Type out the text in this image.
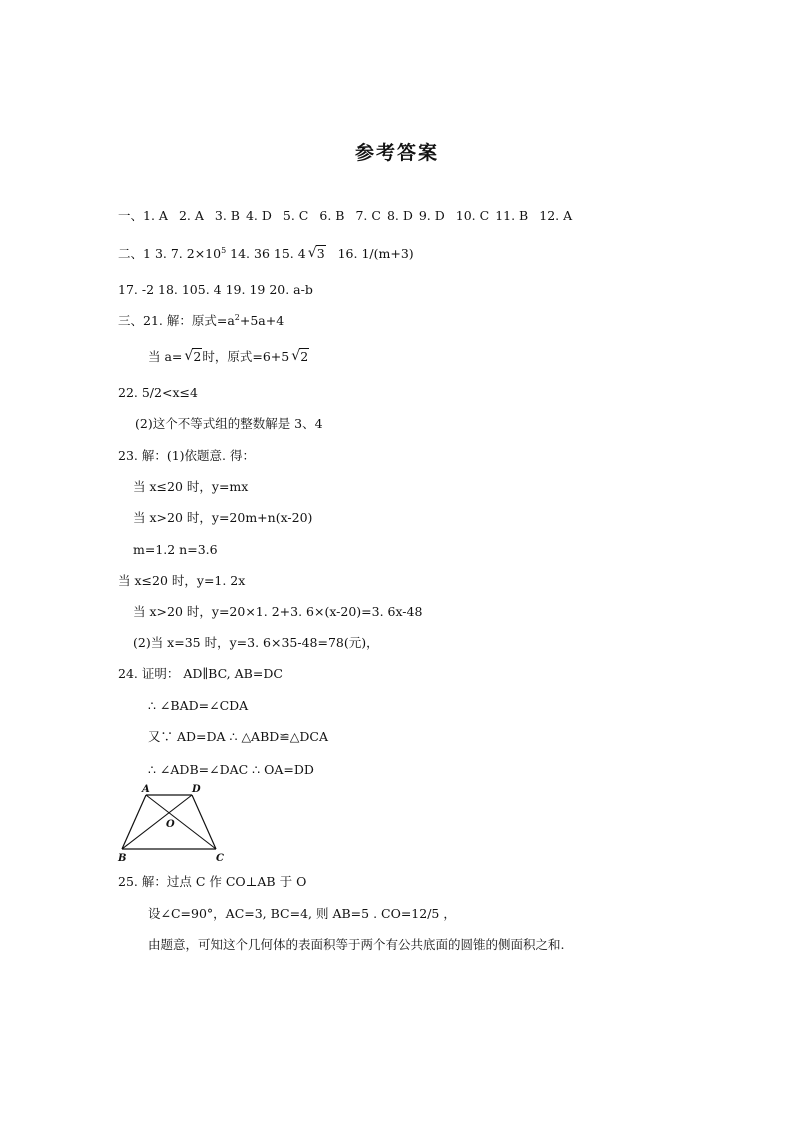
参考答案
一、1. A 2. A 3. B 4. D 5. C 6. B 7. C 8. D 9. D 10. C 11. B 12. A
二、1 3. 7. $2\times 10^5$ 14. 36 15. 4 √ 3 16. 1/(m+3)
17. -2 18. 105. 4 19. 19 20. a-b
三、21. 解：原式$=a^2+5a+4$
当 a= √ 2时，原式=6+5 √ 2
22. 5/2<x≤4
(2)这个不等式组的整数解是 3、4
23. 解：(1)依题意. 得：
当 x≤20 时，y=mx
当 x>20 时，y=20m+n(x-20)
m=1.2 n=3.6
当 x≤20 时，y=1. 2x
当 x>20 时，y=20×1. 2+3. 6×(x-20)=3. 6x-48
(2)当 x=35 时，y=3. 6×35-48=78(元)，
24. 证明： AD∥BC, AB=DC
∴ ∠BAD=∠CDA
又∵ AD=DA ∴ △ABD≌△DCA
∴ ∠ADB=∠DAC ∴ OA=DD
A	D
O
B	C
25. 解：过点 C 作 CO⊥AB 于 O
设∠C=90°，AC=3, BC=4, 则 AB=5 . CO=12/5 ，
由题意，可知这个几何体的表面积等于两个有公共底面的圆锥的侧面积之和.
